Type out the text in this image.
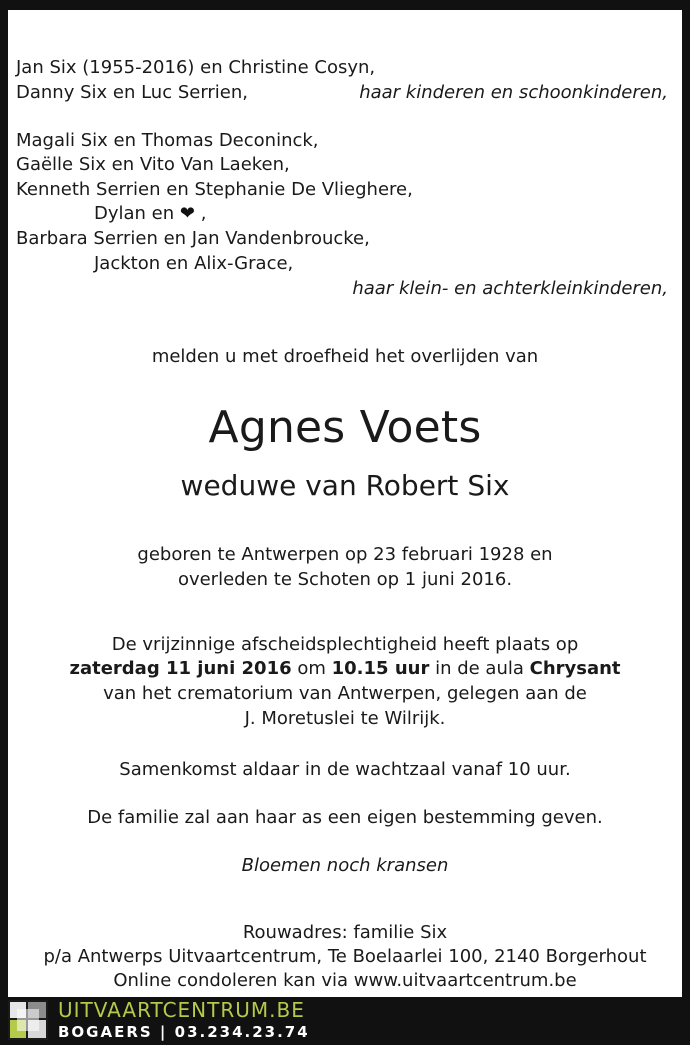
Jan Six (1955-2016) en Christine Cosyn,
Danny Six en Luc Serrien,	haar kinderen en schoonkinderen,
Magali Six en Thomas Deconinck,
Gaëlle Six en Vito Van Laeken,
Kenneth Serrien en Stephanie De Vlieghere,
Dylan en ❤ ,
Barbara Serrien en Jan Vandenbroucke,
Jackton en Alix-Grace,
haar klein- en achterkleinkinderen,
melden u met droefheid het overlijden van
Agnes Voets
weduwe van Robert Six
geboren te Antwerpen op 23 februari 1928 en
overleden te Schoten op 1 juni 2016.
De vrijzinnige afscheidsplechtigheid heeft plaats op
zaterdag 11 juni 2016 om 10.15 uur in de aula Chrysant
van het crematorium van Antwerpen, gelegen aan de
J. Moretuslei te Wilrijk.
Samenkomst aldaar in de wachtzaal vanaf 10 uur.
De familie zal aan haar as een eigen bestemming geven.
Bloemen noch kransen
Rouwadres: familie Six
p/a Antwerps Uitvaartcentrum, Te Boelaarlei 100, 2140 Borgerhout
Online condoleren kan via www.uitvaartcentrum.be
UITVAARTCENTRUM.BE
BOGAERS | 03.234.23.74
